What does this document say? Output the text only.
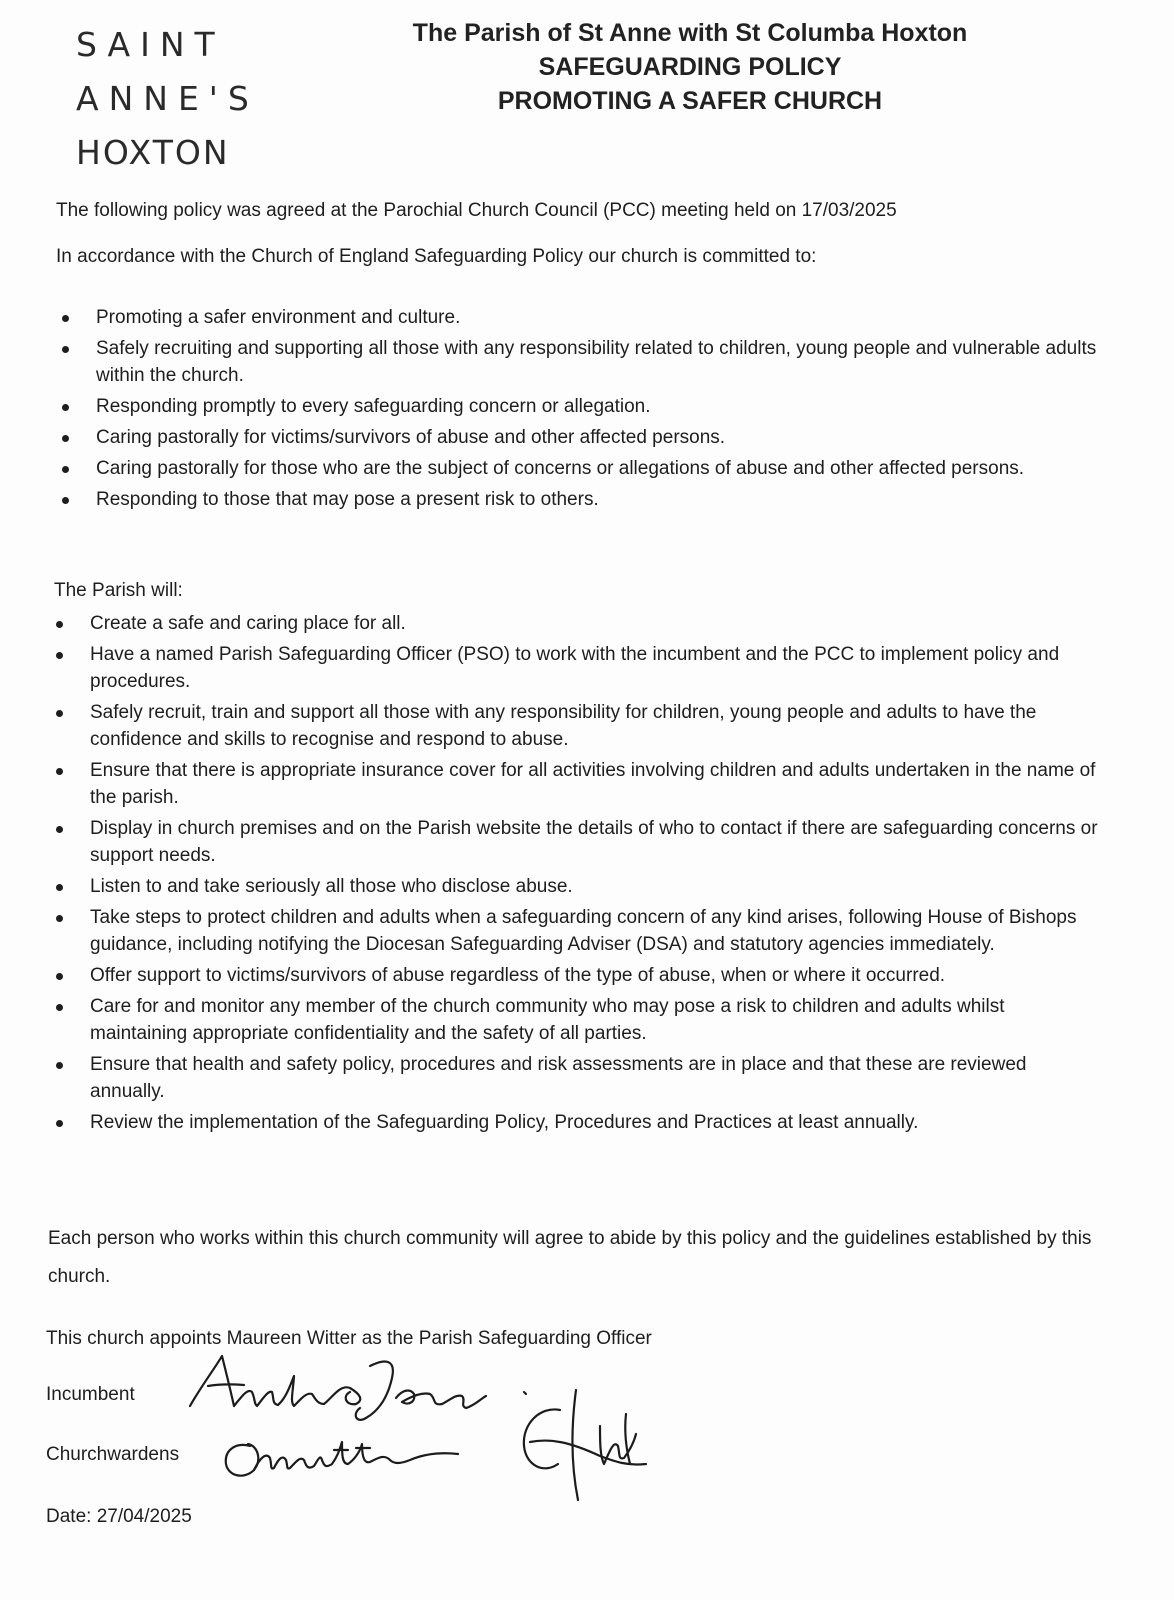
SAINT
ANNE'S
HOXTON
The Parish of St Anne with St Columba Hoxton
SAFEGUARDING POLICY
PROMOTING A SAFER CHURCH
The following policy was agreed at the Parochial Church Council (PCC) meeting held on 17/03/2025
In accordance with the Church of England Safeguarding Policy our church is committed to:
Promoting a safer environment and culture.
Safely recruiting and supporting all those with any responsibility related to children, young people and vulnerable adults within the church.
Responding promptly to every safeguarding concern or allegation.
Caring pastorally for victims/survivors of abuse and other affected persons.
Caring pastorally for those who are the subject of concerns or allegations of abuse and other affected persons.
Responding to those that may pose a present risk to others.
The Parish will:
Create a safe and caring place for all.
Have a named Parish Safeguarding Officer (PSO) to work with the incumbent and the PCC to implement policy and procedures.
Safely recruit, train and support all those with any responsibility for children, young people and adults to have the confidence and skills to recognise and respond to abuse.
Ensure that there is appropriate insurance cover for all activities involving children and adults undertaken in the name of the parish.
Display in church premises and on the Parish website the details of who to contact if there are safeguarding concerns or support needs.
Listen to and take seriously all those who disclose abuse.
Take steps to protect children and adults when a safeguarding concern of any kind arises, following House of Bishops guidance, including notifying the Diocesan Safeguarding Adviser (DSA) and statutory agencies immediately.
Offer support to victims/survivors of abuse regardless of the type of abuse, when or where it occurred.
Care for and monitor any member of the church community who may pose a risk to children and adults whilst maintaining appropriate confidentiality and the safety of all parties.
Ensure that health and safety policy, procedures and risk assessments are in place and that these are reviewed annually.
Review the implementation of the Safeguarding Policy, Procedures and Practices at least annually.
Each person who works within this church community will agree to abide by this policy and the guidelines established by this church.
This church appoints Maureen Witter as the Parish Safeguarding Officer
Incumbent
Churchwardens
Date: 27/04/2025
